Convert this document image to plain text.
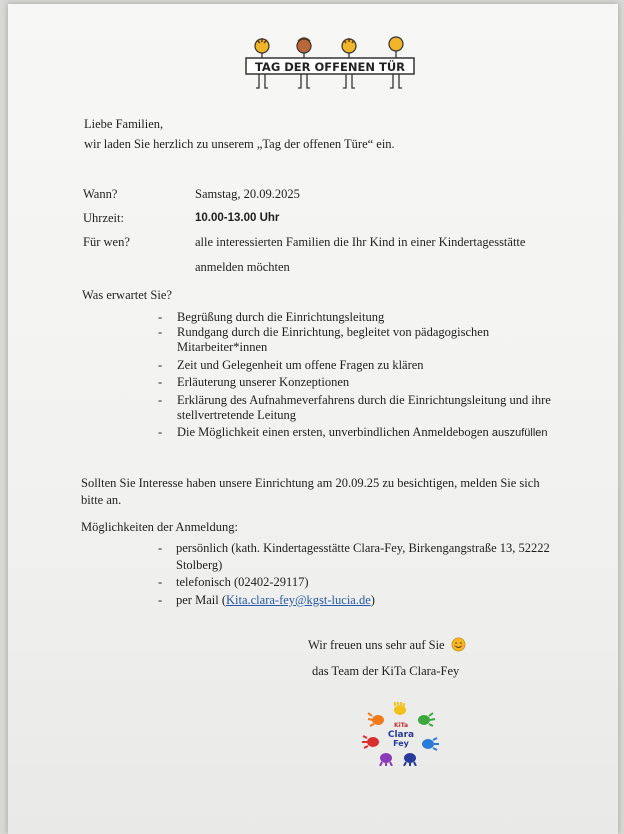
TAG DER OFFENEN TÜR
Liebe Familien,
wir laden Sie herzlich zu unserem „Tag der offenen Türe“ ein.
Wann?	Samstag, 20.09.2025
Uhrzeit:	10.00-13.00 Uhr
Für wen?	alle interessierten Familien die Ihr Kind in einer Kindertagesstätte
anmelden möchten
Was erwartet Sie?
- Begrüßung durch die Einrichtungsleitung
- Rundgang durch die Einrichtung, begleitet von pädagogischen
Mitarbeiter*innen
- Zeit und Gelegenheit um offene Fragen zu klären
- Erläuterung unserer Konzeptionen
- Erklärung des Aufnahmeverfahrens durch die Einrichtungsleitung und ihre
stellvertretende Leitung
- Die Möglichkeit einen ersten, unverbindlichen Anmeldebogen auszufüllen
Sollten Sie Interesse haben unsere Einrichtung am 20.09.25 zu besichtigen, melden Sie sich
bitte an.
Möglichkeiten der Anmeldung:
- persönlich (kath. Kindertagesstätte Clara-Fey, Birkengangstraße 13, 52222
Stolberg)
- telefonisch (02402-29117)
- per Mail (Kita.clara-fey@kgst-lucia.de)
Wir freuen uns sehr auf Sie
das Team der KiTa Clara-Fey
KiTa
Clara
Fey
